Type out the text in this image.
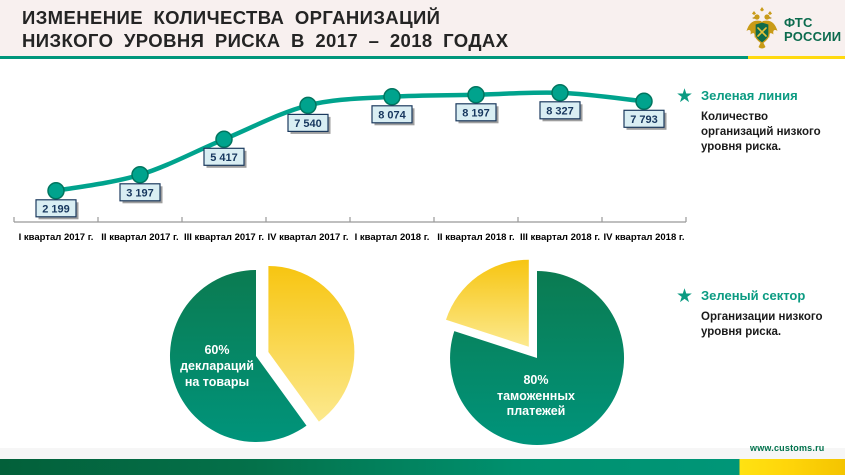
ИЗМЕНЕНИЕ КОЛИЧЕСТВА ОРГАНИЗАЦИЙ
НИЗКОГО УРОВНЯ РИСКА В 2017 – 2018 ГОДАХ
ФТС
РОССИИ
I квартал 2017 г. II квартал 2017 г. III квартал 2017 г. IV квартал 2017 г. I квартал 2018 г. II квартал 2018 г. III квартал 2018 г. IV квартал 2018 г.
2 199
3 197
5 417
7 540
8 074	8 197	8 327
7 793
★ Зеленая линия
Количество организаций низкого уровня риска.
60%
деклараций
на товары	80%
таможенных
платежей
★ Зеленый сектор
Организации низкого уровня риска.
www.customs.ru
